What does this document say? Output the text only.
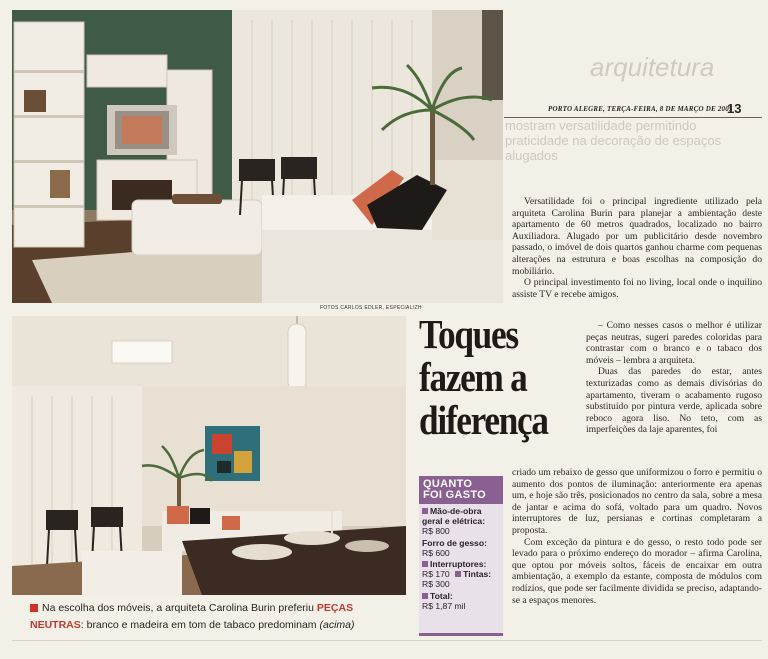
arquitetura
mostram versatilidade permitindo praticidade na decoração de espaços alugados
PORTO ALEGRE, TERÇA-FEIRA, 8 DE MARÇO DE 2005
13
FOTOS CARLOS EDLER, ESPECIAL/ZH
Toques
fazem a
diferença

Versatilidade foi o principal ingrediente utilizado pela arquiteta Carolina Burin para planejar a ambientação deste apartamento de 60 metros quadrados, localizado no bairro Auxiliadora. Alugado por um publicitário desde novembro passado, o imóvel de dois quartos ganhou charme com pequenas alterações na estrutura e boas escolhas na composição do mobiliário.

O principal investimento foi no living, local onde o inquilino assiste TV e recebe amigos.

– Como nesses casos o melhor é utilizar peças neutras, sugeri paredes coloridas para contrastar com o branco e o tabaco dos móveis – lembra a arquiteta.

Duas das paredes do estar, antes texturizadas como as demais divisórias do apartamento, tiveram o acabamento rugoso substituído por pintura verde, aplicada sobre reboco agora liso. No teto, com as imperfeições da laje aparentes, foi

criado um rebaixo de gesso que uniformizou o forro e permitiu o aumento dos pontos de iluminação: anteriormente era apenas um, e hoje são três, posicionados no centro da sala, sobre a mesa de jantar e acima do sofá, voltado para um quadro. Novos interruptores de luz, persianas e cortinas completaram a proposta.

Com exceção da pintura e do gesso, o resto todo pode ser levado para o próximo endereço do morador – afirma Carolina, que optou por móveis soltos, fáceis de encaixar em outra ambientação, a exemplo da estante, composta de módulos com rodízios, que pode ser facilmente dividida se preciso, adaptando-se a espaços menores.

QUANTO
FOI GASTO
Mão-de-obra geral e elétrica:
R$ 800
Forro de gesso:
R$ 600
Interruptores:
R$ 170 Tintas: R$ 300
Total:
R$ 1,87 mil
Na escolha dos móveis, a arquiteta Carolina Burin preferiu PEÇAS NEUTRAS: branco e madeira em tom de tabaco predominam (acima)
